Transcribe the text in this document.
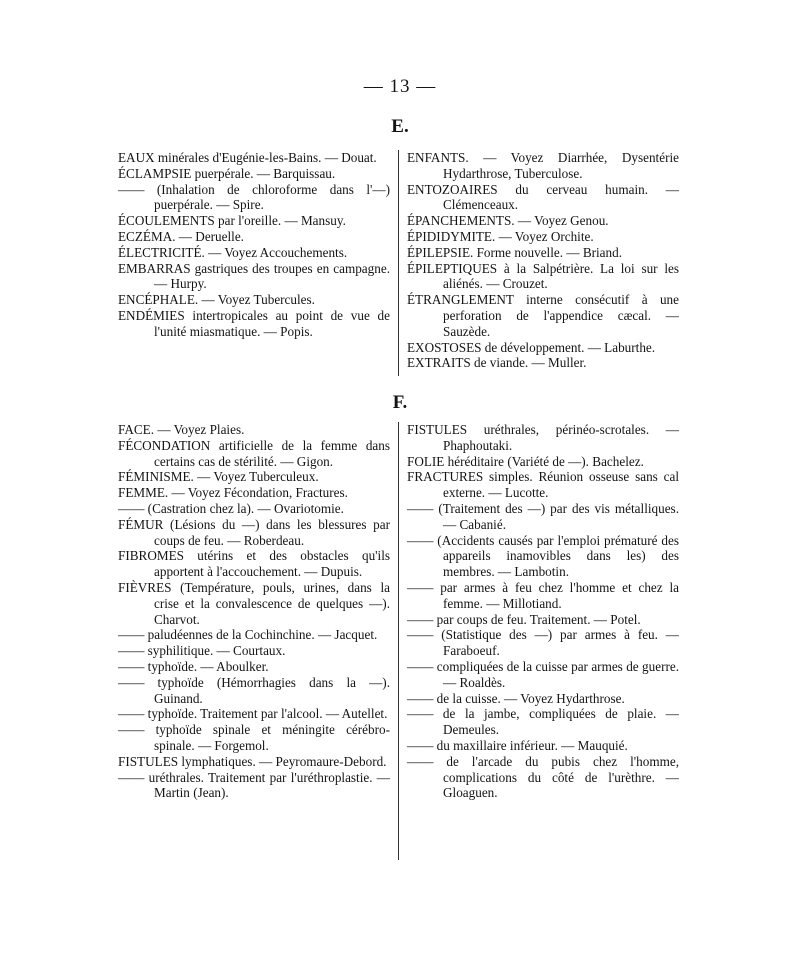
— 13 —
E.

EAUX minérales d'Eugénie-les-Bains. — Douat.

ÉCLAMPSIE puerpérale. — Barquissau.

—— (Inhalation de chloroforme dans l'—) puerpérale. — Spire.

ÉCOULEMENTS par l'oreille. — Mansuy.

ECZÉMA. — Deruelle.

ÉLECTRICITÉ. — Voyez Accouchements.

EMBARRAS gastriques des troupes en campagne. — Hurpy.

ENCÉPHALE. — Voyez Tubercules.

ENDÉMIES intertropicales au point de vue de l'unité miasmatique. — Popis.

ENFANTS. — Voyez Diarrhée, Dysentérie Hydarthrose, Tuberculose.

ENTOZOAIRES du cerveau humain. — Clémenceaux.

ÉPANCHEMENTS. — Voyez Genou.

ÉPIDIDYMITE. — Voyez Orchite.

ÉPILEPSIE. Forme nouvelle. — Briand.

ÉPILEPTIQUES à la Salpétrière. La loi sur les aliénés. — Crouzet.

ÉTRANGLEMENT interne consécutif à une perforation de l'appendice cæcal. — Sauzède.

EXOSTOSES de développement. — Laburthe.

EXTRAITS de viande. — Muller.

F.

FACE. — Voyez Plaies.

FÉCONDATION artificielle de la femme dans certains cas de stérilité. — Gigon.

FÉMINISME. — Voyez Tuberculeux.

FEMME. — Voyez Fécondation, Fractures.

—— (Castration chez la). — Ovariotomie.

FÉMUR (Lésions du —) dans les blessures par coups de feu. — Roberdeau.

FIBROMES utérins et des obstacles qu'ils apportent à l'accouchement. — Dupuis.

FIÈVRES (Température, pouls, urines, dans la crise et la convalescence de quelques —). Charvot.

—— paludéennes de la Cochinchine. — Jacquet.

—— syphilitique. — Courtaux.

—— typhoïde. — Aboulker.

—— typhoïde (Hémorrhagies dans la —). Guinand.

—— typhoïde. Traitement par l'alcool. — Autellet.

—— typhoïde spinale et méningite cérébro-spinale. — Forgemol.

FISTULES lymphatiques. — Peyromaure-Debord.

—— uréthrales. Traitement par l'uréthroplastie. — Martin (Jean).

FISTULES uréthrales, périnéo-scrotales. — Phaphoutaki.

FOLIE héréditaire (Variété de —). Bachelez.

FRACTURES simples. Réunion osseuse sans cal externe. — Lucotte.

—— (Traitement des —) par des vis métalliques. — Cabanié.

—— (Accidents causés par l'emploi prématuré des appareils inamovibles dans les) des membres. — Lambotin.

—— par armes à feu chez l'homme et chez la femme. — Millotiand.

—— par coups de feu. Traitement. — Potel.

—— (Statistique des —) par armes à feu. — Faraboeuf.

—— compliquées de la cuisse par armes de guerre. — Roaldès.

—— de la cuisse. — Voyez Hydarthrose.

—— de la jambe, compliquées de plaie. — Demeules.

—— du maxillaire inférieur. — Mauquié.

—— de l'arcade du pubis chez l'homme, complications du côté de l'urèthre. — Gloaguen.
